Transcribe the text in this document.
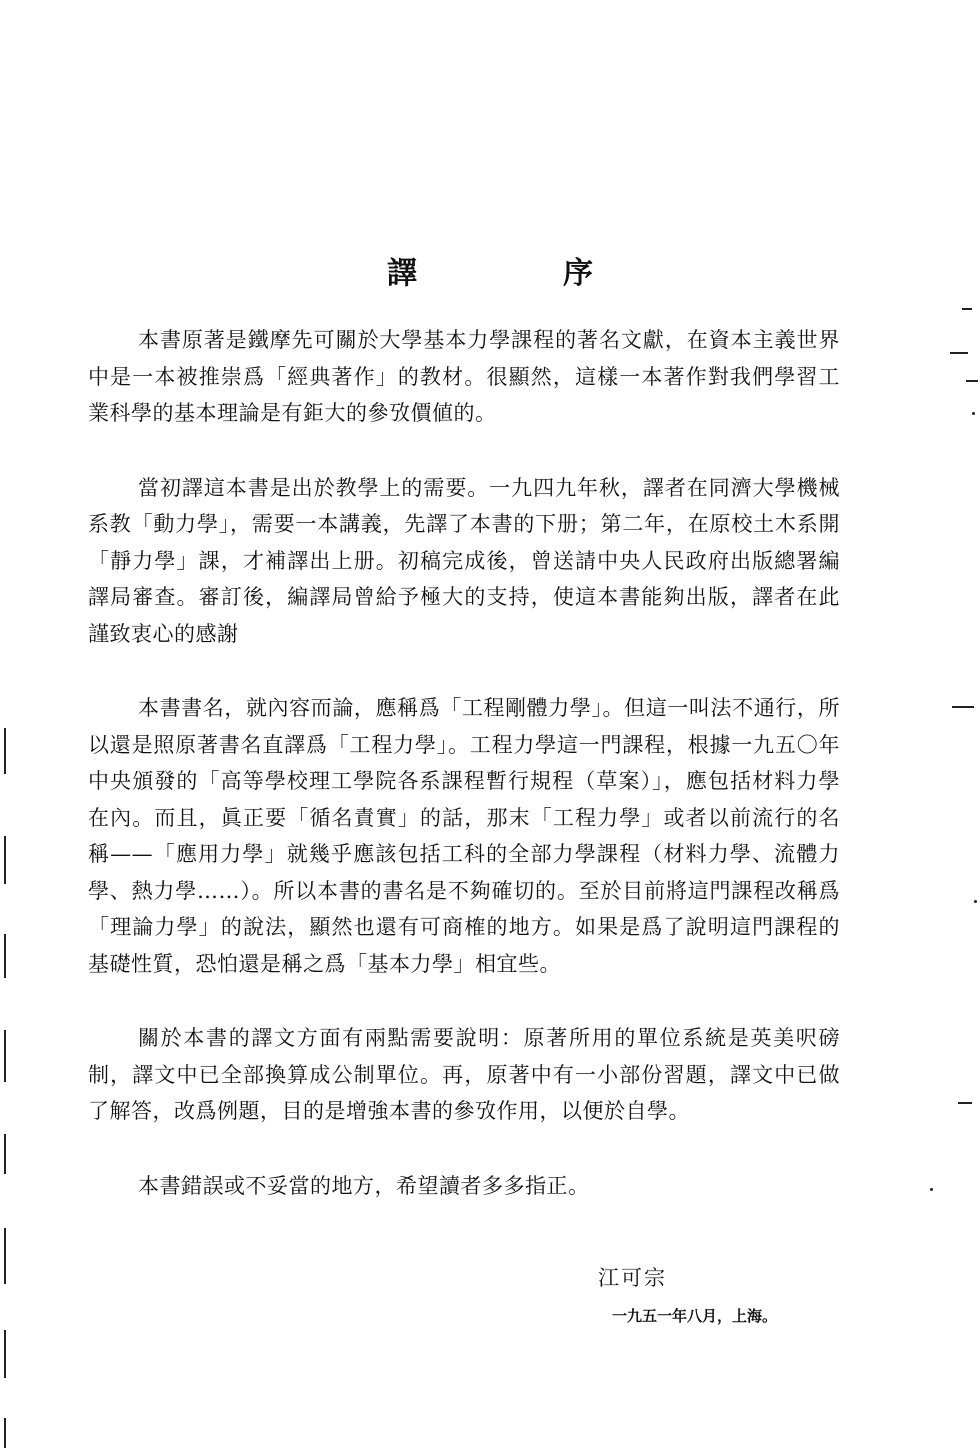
譯　序

本書原著是鐵摩先可關於大學基本力學課程的著名文獻，在資本主義世界中是一本被推崇爲「經典著作」的教材。很顯然，這樣一本著作對我們學習工業科學的基本理論是有鉅大的參攷價値的。

當初譯這本書是出於教學上的需要。一九四九年秋，譯者在同濟大學機械系教「動力學」，需要一本講義，先譯了本書的下册；第二年，在原校土木系開「靜力學」課，才補譯出上册。初稿完成後，曾送請中央人民政府出版總署編譯局審查。審訂後，編譯局曾給予極大的支持，使這本書能夠出版，譯者在此謹致衷心的感謝

本書書名，就內容而論，應稱爲「工程剛體力學」。但這一叫法不通行，所以還是照原著書名直譯爲「工程力學」。工程力學這一門課程，根據一九五〇年中央頒發的「高等學校理工學院各系課程暫行規程（草案）」，應包括材料力學在內。而且，眞正要「循名責實」的話，那末「工程力學」或者以前流行的名稱——「應用力學」就幾乎應該包括工科的全部力學課程（材料力學、流體力學、熱力學……）。所以本書的書名是不夠確切的。至於目前將這門課程改稱爲「理論力學」的說法，顯然也還有可商榷的地方。如果是爲了說明這門課程的基礎性質，恐怕還是稱之爲「基本力學」相宜些。

關於本書的譯文方面有兩點需要說明：原著所用的單位系統是英美呎磅制，譯文中已全部換算成公制單位。再，原著中有一小部份習題，譯文中已做了解答，改爲例題，目的是增強本書的參攷作用，以便於自學。

本書錯誤或不妥當的地方，希望讀者多多指正。

江可宗
一九五一年八月，上海。
